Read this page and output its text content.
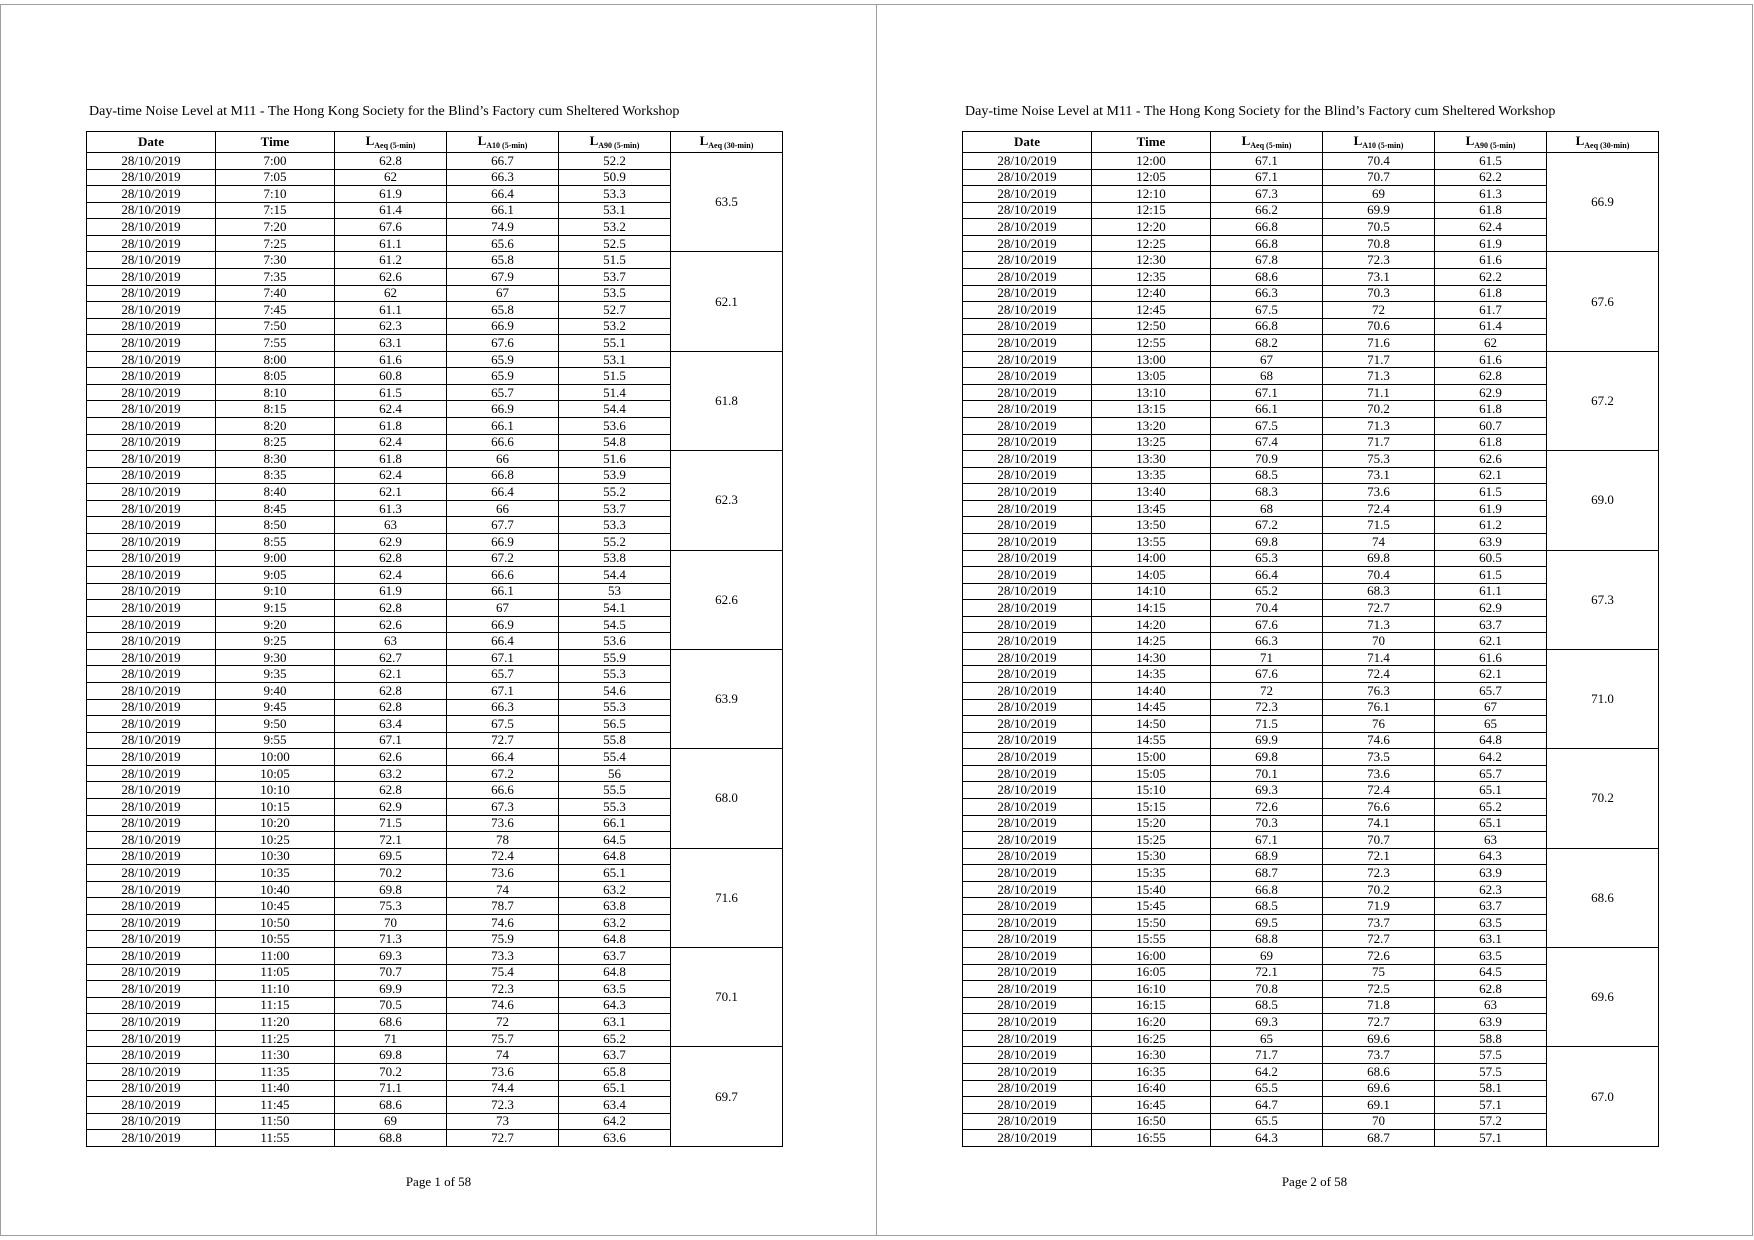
Day-time Noise Level at M11 - The Hong Kong Society for the Blind’s Factory cum Sheltered Workshop
Date	Time	$L_{Aeq (5-min)}$	$L_{A10 (5-min)}$	$L_{A90 (5-min)}$	$L_{Aeq (30-min)}$
28/10/2019	7:00	62.8	66.7	52.2	63.5
28/10/2019	7:05	62	66.3	50.9	
28/10/2019	7:10	61.9	66.4	53.3	
28/10/2019	7:15	61.4	66.1	53.1	
28/10/2019	7:20	67.6	74.9	53.2	
28/10/2019	7:25	61.1	65.6	52.5	
28/10/2019	7:30	61.2	65.8	51.5	62.1
28/10/2019	7:35	62.6	67.9	53.7	
28/10/2019	7:40	62	67	53.5	
28/10/2019	7:45	61.1	65.8	52.7	
28/10/2019	7:50	62.3	66.9	53.2	
28/10/2019	7:55	63.1	67.6	55.1	
28/10/2019	8:00	61.6	65.9	53.1	61.8
28/10/2019	8:05	60.8	65.9	51.5	
28/10/2019	8:10	61.5	65.7	51.4	
28/10/2019	8:15	62.4	66.9	54.4	
28/10/2019	8:20	61.8	66.1	53.6	
28/10/2019	8:25	62.4	66.6	54.8	
28/10/2019	8:30	61.8	66	51.6	62.3
28/10/2019	8:35	62.4	66.8	53.9	
28/10/2019	8:40	62.1	66.4	55.2	
28/10/2019	8:45	61.3	66	53.7	
28/10/2019	8:50	63	67.7	53.3	
28/10/2019	8:55	62.9	66.9	55.2	
28/10/2019	9:00	62.8	67.2	53.8	62.6
28/10/2019	9:05	62.4	66.6	54.4	
28/10/2019	9:10	61.9	66.1	53	
28/10/2019	9:15	62.8	67	54.1	
28/10/2019	9:20	62.6	66.9	54.5	
28/10/2019	9:25	63	66.4	53.6	
28/10/2019	9:30	62.7	67.1	55.9	63.9
28/10/2019	9:35	62.1	65.7	55.3	
28/10/2019	9:40	62.8	67.1	54.6	
28/10/2019	9:45	62.8	66.3	55.3	
28/10/2019	9:50	63.4	67.5	56.5	
28/10/2019	9:55	67.1	72.7	55.8	
28/10/2019	10:00	62.6	66.4	55.4	68.0
28/10/2019	10:05	63.2	67.2	56	
28/10/2019	10:10	62.8	66.6	55.5	
28/10/2019	10:15	62.9	67.3	55.3	
28/10/2019	10:20	71.5	73.6	66.1	
28/10/2019	10:25	72.1	78	64.5	
28/10/2019	10:30	69.5	72.4	64.8	71.6
28/10/2019	10:35	70.2	73.6	65.1	
28/10/2019	10:40	69.8	74	63.2	
28/10/2019	10:45	75.3	78.7	63.8	
28/10/2019	10:50	70	74.6	63.2	
28/10/2019	10:55	71.3	75.9	64.8	
28/10/2019	11:00	69.3	73.3	63.7	70.1
28/10/2019	11:05	70.7	75.4	64.8	
28/10/2019	11:10	69.9	72.3	63.5	
28/10/2019	11:15	70.5	74.6	64.3	
28/10/2019	11:20	68.6	72	63.1	
28/10/2019	11:25	71	75.7	65.2	
28/10/2019	11:30	69.8	74	63.7	69.7
28/10/2019	11:35	70.2	73.6	65.8	
28/10/2019	11:40	71.1	74.4	65.1	
28/10/2019	11:45	68.6	72.3	63.4	
28/10/2019	11:50	69	73	64.2	
28/10/2019	11:55	68.8	72.7	63.6	
Page 1 of 58
Day-time Noise Level at M11 - The Hong Kong Society for the Blind’s Factory cum Sheltered Workshop
Date	Time	$L_{Aeq (5-min)}$	$L_{A10 (5-min)}$	$L_{A90 (5-min)}$	$L_{Aeq (30-min)}$
28/10/2019	12:00	67.1	70.4	61.5	66.9
28/10/2019	12:05	67.1	70.7	62.2	
28/10/2019	12:10	67.3	69	61.3	
28/10/2019	12:15	66.2	69.9	61.8	
28/10/2019	12:20	66.8	70.5	62.4	
28/10/2019	12:25	66.8	70.8	61.9	
28/10/2019	12:30	67.8	72.3	61.6	67.6
28/10/2019	12:35	68.6	73.1	62.2	
28/10/2019	12:40	66.3	70.3	61.8	
28/10/2019	12:45	67.5	72	61.7	
28/10/2019	12:50	66.8	70.6	61.4	
28/10/2019	12:55	68.2	71.6	62	
28/10/2019	13:00	67	71.7	61.6	67.2
28/10/2019	13:05	68	71.3	62.8	
28/10/2019	13:10	67.1	71.1	62.9	
28/10/2019	13:15	66.1	70.2	61.8	
28/10/2019	13:20	67.5	71.3	60.7	
28/10/2019	13:25	67.4	71.7	61.8	
28/10/2019	13:30	70.9	75.3	62.6	69.0
28/10/2019	13:35	68.5	73.1	62.1	
28/10/2019	13:40	68.3	73.6	61.5	
28/10/2019	13:45	68	72.4	61.9	
28/10/2019	13:50	67.2	71.5	61.2	
28/10/2019	13:55	69.8	74	63.9	
28/10/2019	14:00	65.3	69.8	60.5	67.3
28/10/2019	14:05	66.4	70.4	61.5	
28/10/2019	14:10	65.2	68.3	61.1	
28/10/2019	14:15	70.4	72.7	62.9	
28/10/2019	14:20	67.6	71.3	63.7	
28/10/2019	14:25	66.3	70	62.1	
28/10/2019	14:30	71	71.4	61.6	71.0
28/10/2019	14:35	67.6	72.4	62.1	
28/10/2019	14:40	72	76.3	65.7	
28/10/2019	14:45	72.3	76.1	67	
28/10/2019	14:50	71.5	76	65	
28/10/2019	14:55	69.9	74.6	64.8	
28/10/2019	15:00	69.8	73.5	64.2	70.2
28/10/2019	15:05	70.1	73.6	65.7	
28/10/2019	15:10	69.3	72.4	65.1	
28/10/2019	15:15	72.6	76.6	65.2	
28/10/2019	15:20	70.3	74.1	65.1	
28/10/2019	15:25	67.1	70.7	63	
28/10/2019	15:30	68.9	72.1	64.3	68.6
28/10/2019	15:35	68.7	72.3	63.9	
28/10/2019	15:40	66.8	70.2	62.3	
28/10/2019	15:45	68.5	71.9	63.7	
28/10/2019	15:50	69.5	73.7	63.5	
28/10/2019	15:55	68.8	72.7	63.1	
28/10/2019	16:00	69	72.6	63.5	69.6
28/10/2019	16:05	72.1	75	64.5	
28/10/2019	16:10	70.8	72.5	62.8	
28/10/2019	16:15	68.5	71.8	63	
28/10/2019	16:20	69.3	72.7	63.9	
28/10/2019	16:25	65	69.6	58.8	
28/10/2019	16:30	71.7	73.7	57.5	67.0
28/10/2019	16:35	64.2	68.6	57.5	
28/10/2019	16:40	65.5	69.6	58.1	
28/10/2019	16:45	64.7	69.1	57.1	
28/10/2019	16:50	65.5	70	57.2	
28/10/2019	16:55	64.3	68.7	57.1	
Page 2 of 58
